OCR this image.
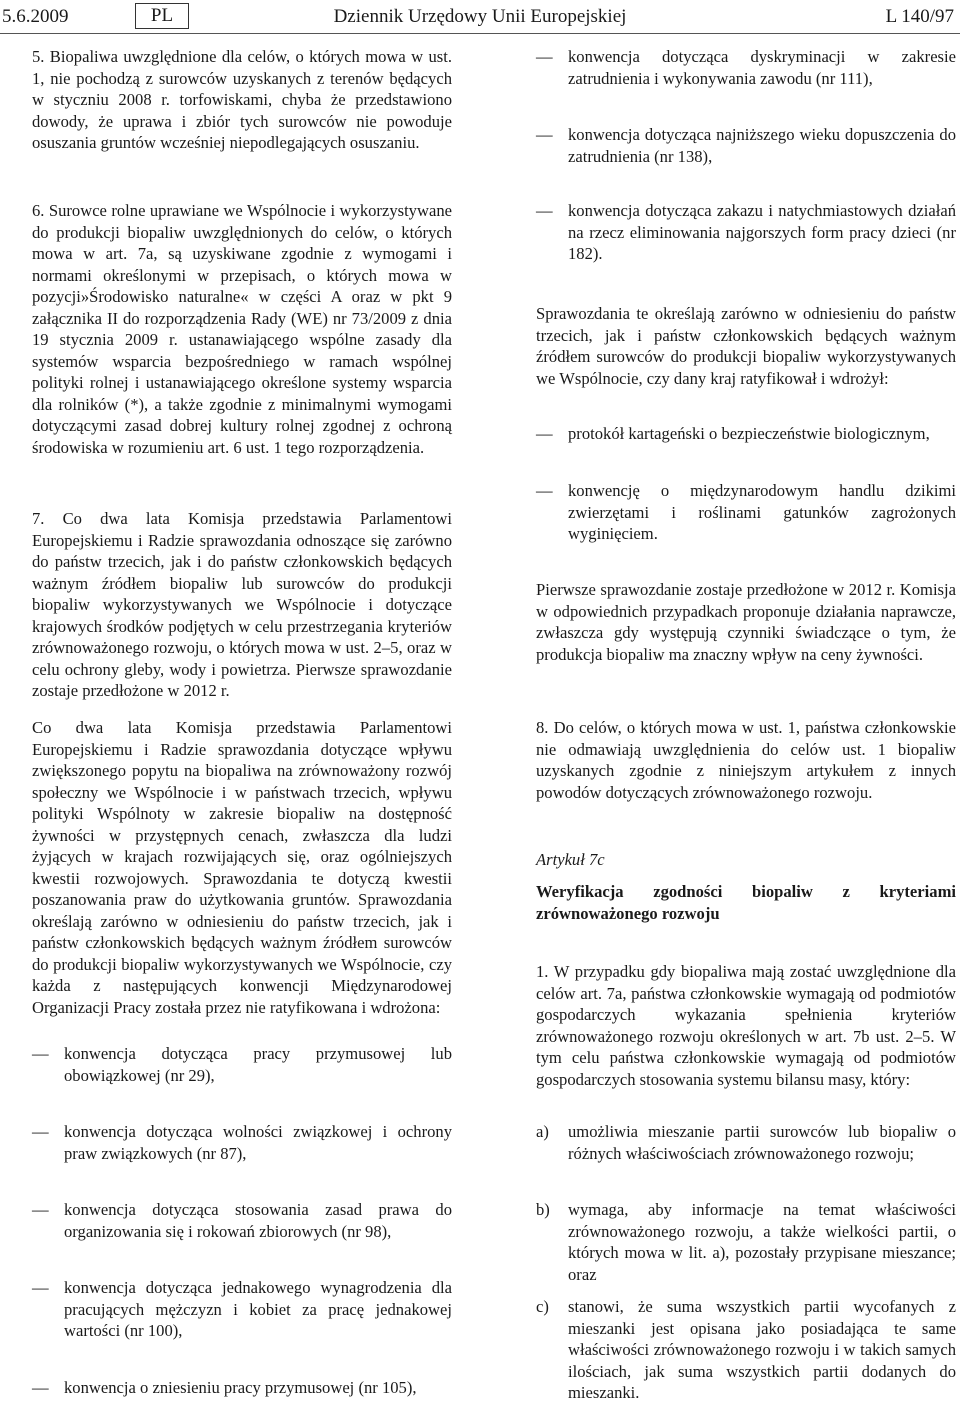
5.6.2009	PL	Dziennik Urzędowy Unii Europejskiej	L 140/97
5. Biopaliwa uwzględnione dla celów, o których mowa w ust. 1, nie pochodzą z surowców uzyskanych z terenów będących w styczniu 2008 r. torfowiskami, chyba że przedstawiono dowody, że uprawa i zbiór tych surowców nie powoduje osuszania gruntów wcześniej niepodlegających osuszaniu.
6. Surowce rolne uprawiane we Wspólnocie i wykorzystywane do produkcji biopaliw uwzględnionych do celów, o których mowa w art. 7a, są uzyskiwane zgodnie z wymogami i normami określonymi w przepisach, o których mowa w pozycji»Środowisko naturalne« w części A oraz w pkt 9 załącznika II do rozporządzenia Rady (WE) nr 73/2009 z dnia 19 stycznia 2009 r. ustanawiającego wspólne zasady dla systemów wsparcia bezpośredniego w ramach wspólnej polityki rolnej i ustanawiającego określone systemy wsparcia dla rolników (*), a także zgodnie z minimalnymi wymogami dotyczącymi zasad dobrej kultury rolnej zgodnej z ochroną środowiska w rozumieniu art. 6 ust. 1 tego rozporządzenia.
7. Co dwa lata Komisja przedstawia Parlamentowi Europejskiemu i Radzie sprawozdania odnoszące się zarówno do państw trzecich, jak i do państw członkowskich będących ważnym źródłem biopaliw lub surowców do produkcji biopaliw wykorzystywanych we Wspólnocie i dotyczące krajowych środków podjętych w celu przestrzegania kryteriów zrównoważonego rozwoju, o których mowa w ust. 2–5, oraz w celu ochrony gleby, wody i powietrza. Pierwsze sprawozdanie zostaje przedłożone w 2012 r.
Co dwa lata Komisja przedstawia Parlamentowi Europejskiemu i Radzie sprawozdania dotyczące wpływu zwiększonego popytu na biopaliwa na zrównoważony rozwój społeczny we Wspólnocie i w państwach trzecich, wpływu polityki Wspólnoty w zakresie biopaliw na dostępność żywności w przystępnych cenach, zwłaszcza dla ludzi żyjących w krajach rozwijających się, oraz ogólniejszych kwestii rozwojowych. Sprawozdania te dotyczą kwestii poszanowania praw do użytkowania gruntów. Sprawozdania określają zarówno w odniesieniu do państw trzecich, jak i państw członkowskich będących ważnym źródłem surowców do produkcji biopaliw wykorzystywanych we Wspólnocie, czy każda z następujących konwencji Międzynarodowej Organizacji Pracy została przez nie ratyfikowana i wdrożona:
— konwencja dotycząca pracy przymusowej lub obowiązkowej (nr 29),
— konwencja dotycząca wolności związkowej i ochrony praw związkowych (nr 87),
— konwencja dotycząca stosowania zasad prawa do organizowania się i rokowań zbiorowych (nr 98),
— konwencja dotycząca jednakowego wynagrodzenia dla pracujących mężczyzn i kobiet za pracę jednakowej wartości (nr 100),
— konwencja o zniesieniu pracy przymusowej (nr 105),
— konwencja dotycząca dyskryminacji w zakresie zatrudnienia i wykonywania zawodu (nr 111),
— konwencja dotycząca najniższego wieku dopuszczenia do zatrudnienia (nr 138),
— konwencja dotycząca zakazu i natychmiastowych działań na rzecz eliminowania najgorszych form pracy dzieci (nr 182).
Sprawozdania te określają zarówno w odniesieniu do państw trzecich, jak i państw członkowskich będących ważnym źródłem surowców do produkcji biopaliw wykorzystywanych we Wspólnocie, czy dany kraj ratyfikował i wdrożył:
— protokół kartageński o bezpieczeństwie biologicznym,
— konwencję o międzynarodowym handlu dzikimi zwierzętami i roślinami gatunków zagrożonych wyginięciem.
Pierwsze sprawozdanie zostaje przedłożone w 2012 r. Komisja w odpowiednich przypadkach proponuje działania naprawcze, zwłaszcza gdy występują czynniki świadczące o tym, że produkcja biopaliw ma znaczny wpływ na ceny żywności.
8. Do celów, o których mowa w ust. 1, państwa członkowskie nie odmawiają uwzględnienia do celów ust. 1 biopaliw uzyskanych zgodnie z niniejszym artykułem z innych powodów dotyczących zrównoważonego rozwoju.
Artykuł 7c
Weryfikacja zgodności biopaliw z kryteriami zrównoważonego rozwoju
1. W przypadku gdy biopaliwa mają zostać uwzględnione dla celów art. 7a, państwa członkowskie wymagają od podmiotów gospodarczych wykazania spełnienia kryteriów zrównoważonego rozwoju określonych w art. 7b ust. 2–5. W tym celu państwa członkowskie wymagają od podmiotów gospodarczych stosowania systemu bilansu masy, który:
a) umożliwia mieszanie partii surowców lub biopaliw o różnych właściwościach zrównoważonego rozwoju;
b) wymaga, aby informacje na temat właściwości zrównoważonego rozwoju, a także wielkości partii, o których mowa w lit. a), pozostały przypisane mieszance; oraz
c) stanowi, że suma wszystkich partii wycofanych z mieszanki jest opisana jako posiadająca te same właściwości zrównoważonego rozwoju i w takich samych ilościach, jak suma wszystkich partii dodanych do mieszanki.
